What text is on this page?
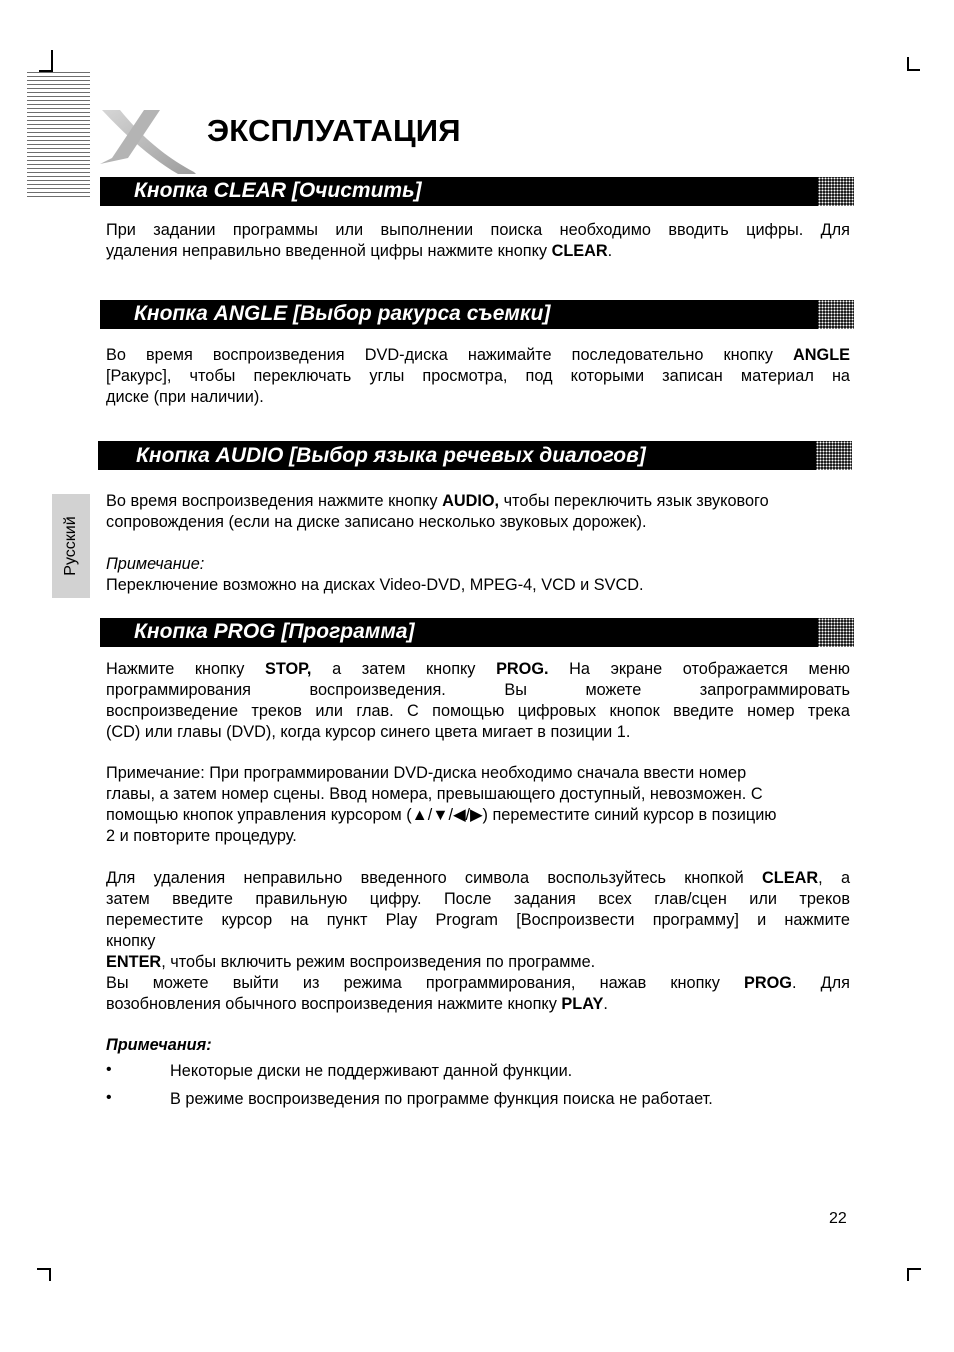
ЭКСПЛУАТАЦИЯ
Кнопка CLEAR [Очистить]
При задании программы или выполнении поиска необходимо вводить цифры. Для
удаления неправильно введенной цифры нажмите кнопку CLEAR.
Кнопка ANGLE [Выбор ракурса съемки]
Во время воспроизведения DVD-диска нажимайте последовательно кнопку ANGLE
[Ракурс], чтобы переключать углы просмотра, под которыми записан материал на
диске (при наличии).
Кнопка AUDIO [Выбор языка речевых диалогов]
Во время воспроизведения нажмите кнопку AUDIO, чтобы переключить язык звукового
сопровождения (если на диске записано несколько звуковых дорожек).
Примечание:
Переключение возможно на дисках Video-DVD, MPEG-4, VCD и SVCD.
Русский
Кнопка PROG [Программа]
Нажмите кнопку STOP, а затем кнопку PROG. На экране отображается меню
программирования воспроизведения. Вы можете запрограммировать
воспроизведение треков или глав. С помощью цифровых кнопок введите номер трека
(CD) или главы (DVD), когда курсор синего цвета мигает в позиции 1.
Примечание: При программировании DVD-диска необходимо сначала ввести номер
главы, а затем номер сцены. Ввод номера, превышающего доступный, невозможен. С
помощью кнопок управления курсором (▲/▼/◀/▶) переместите синий курсор в позицию
2 и повторите процедуру.
Для удаления неправильно введенного символа воспользуйтесь кнопкой CLEAR, а
затем введите правильную цифру. После задания всех глав/сцен или треков
переместите курсор на пункт Play Program [Воспроизвести программу] и нажмите
кнопку
ENTER, чтобы включить режим воспроизведения по программе.
Вы можете выйти из режима программирования, нажав кнопку PROG. Для
возобновления обычного воспроизведения нажмите кнопку PLAY.
Примечания:
•	Некоторые диски не поддерживают данной функции.
•	В режиме воспроизведения по программе функция поиска не работает.
22
